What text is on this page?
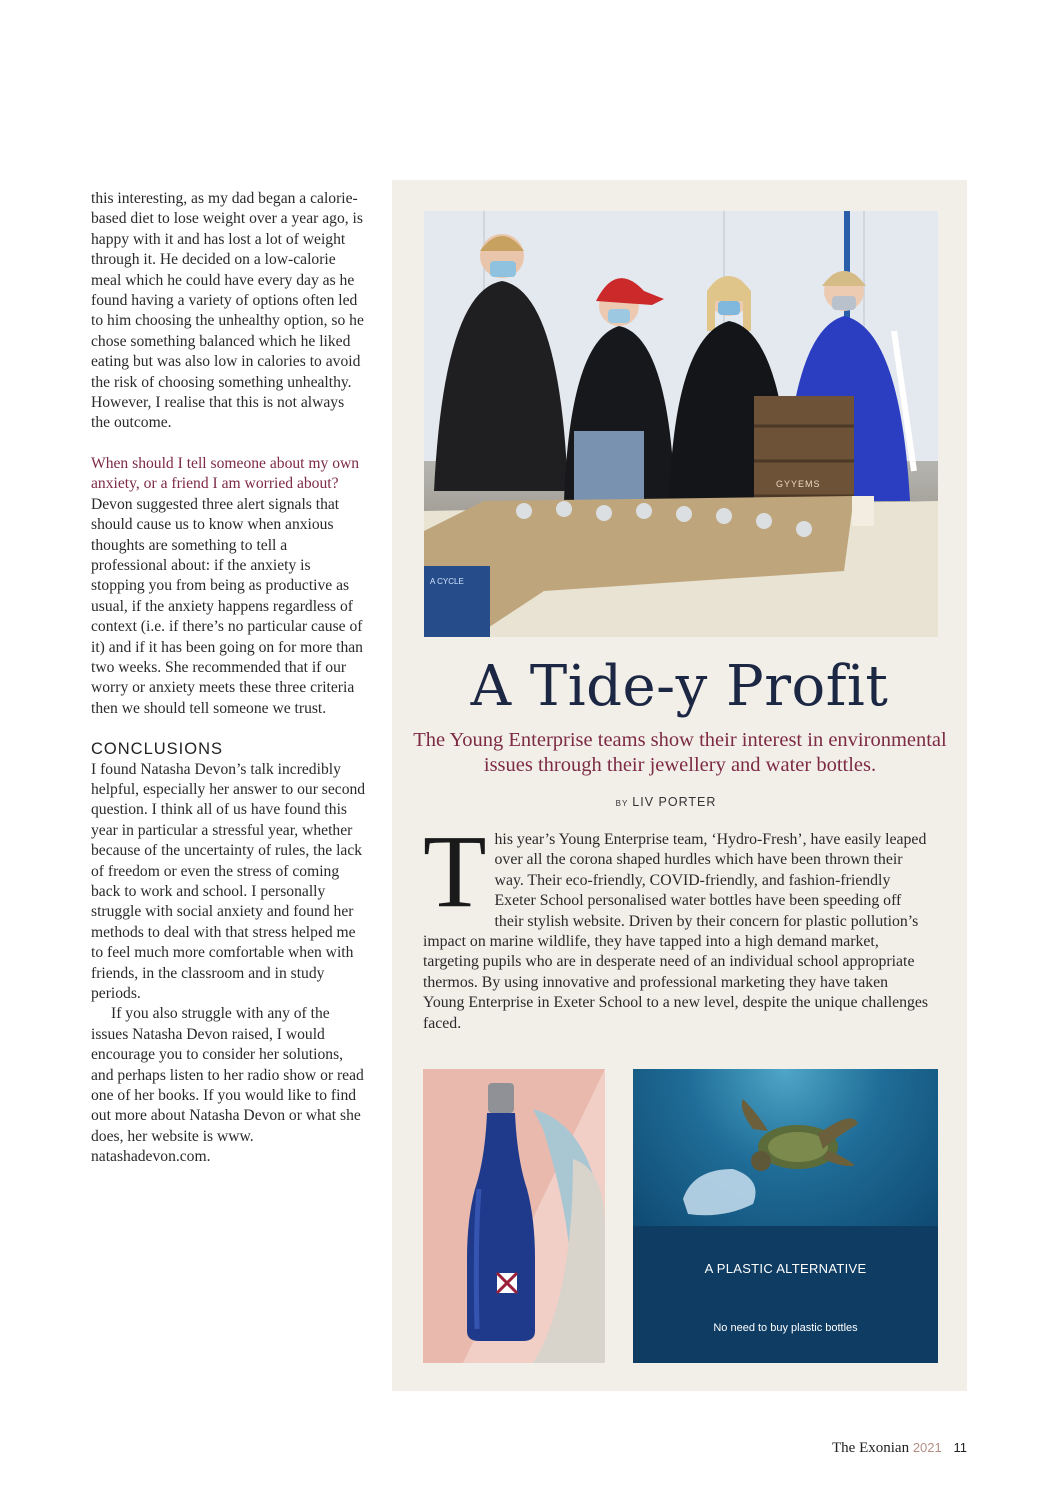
this interesting, as my dad began a calorie-based diet to lose weight over a year ago, is happy with it and has lost a lot of weight through it. He decided on a low-calorie meal which he could have every day as he found having a variety of options often led to him choosing the unhealthy option, so he chose something balanced which he liked eating but was also low in calories to avoid the risk of choosing something unhealthy. However, I realise that this is not always the outcome.

When should I tell someone about my own anxiety, or a friend I am worried about?

Devon suggested three alert signals that should cause us to know when anxious thoughts are something to tell a professional about: if the anxiety is stopping you from being as productive as usual, if the anxiety happens regardless of context (i.e. if there’s no particular cause of it) and if it has been going on for more than two weeks. She recommended that if our worry or anxiety meets these three criteria then we should tell someone we trust.

CONCLUSIONS

I found Natasha Devon’s talk incredibly helpful, especially her answer to our second question. I think all of us have found this year in particular a stressful year, whether because of the uncertainty of rules, the lack of freedom or even the stress of coming back to work and school. I personally struggle with social anxiety and found her methods to deal with that stress helped me to feel much more comfortable when with friends, in the classroom and in study periods.

If you also struggle with any of the issues Natasha Devon raised, I would encourage you to consider her solutions, and perhaps listen to her radio show or read one of her books. If you would like to find out more about Natasha Devon or what she does, her website is www. natashadevon.com.

A CYCLE
GYYEMS
A Tide-y Profit
The Young Enterprise teams show their interest in environmental issues through their jewellery and water bottles.
BY LIV PORTER
T his year’s Young Enterprise team, ‘Hydro-Fresh’, have easily leaped over all the corona shaped hurdles which have been thrown their way. Their eco-friendly, COVID-friendly, and fashion-friendly Exeter School personalised water bottles have been speeding off their stylish website. Driven by their concern for plastic pollution’s impact on marine wildlife, they have tapped into a high demand market, targeting pupils who are in desperate need of an individual school appropriate thermos. By using innovative and professional marketing they have taken Young Enterprise in Exeter School to a new level, despite the unique challenges faced.
A PLASTIC ALTERNATIVE
No need to buy plastic bottles
The Exonian 2021 11
